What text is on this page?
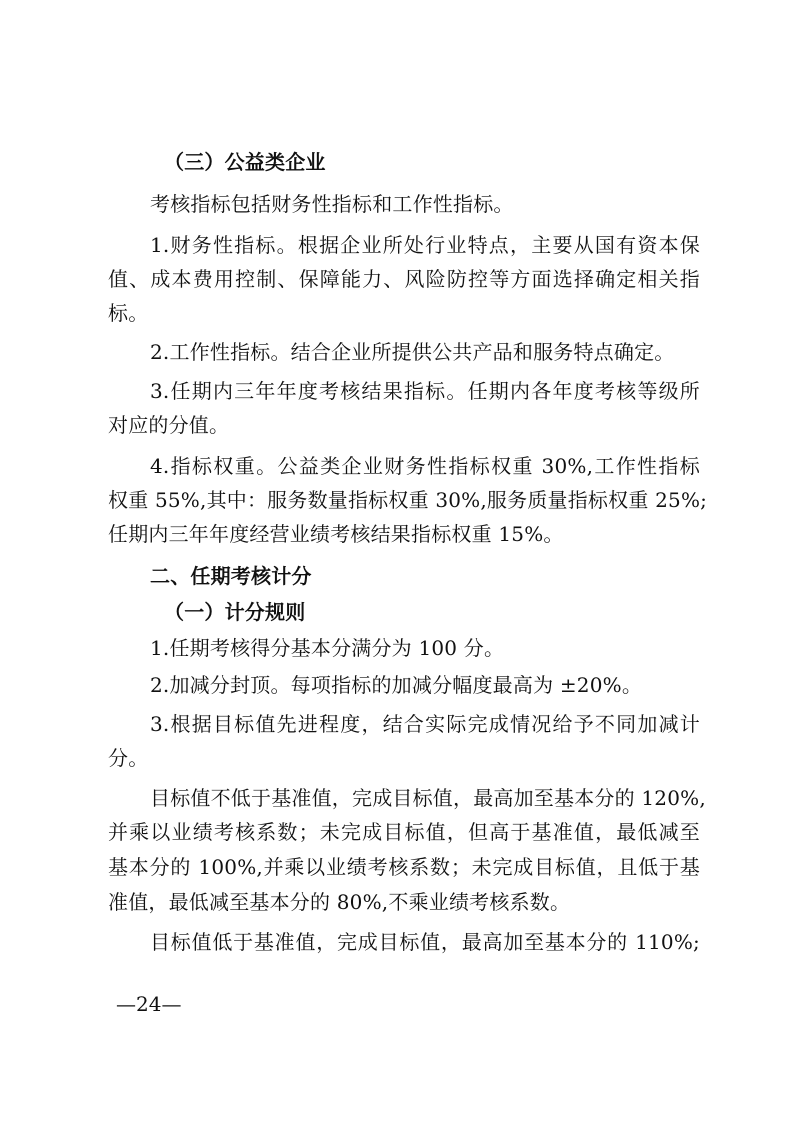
（三）公益类企业
考核指标包括财务性指标和工作性指标。
1.财务性指标。根据企业所处行业特点，主要从国有资本保
值、成本费用控制、保障能力、风险防控等方面选择确定相关指
标。
2.工作性指标。结合企业所提供公共产品和服务特点确定。
3.任期内三年年度考核结果指标。任期内各年度考核等级所
对应的分值。
4.指标权重。公益类企业财务性指标权重 30%,工作性指标
权重 55%,其中：服务数量指标权重 30%,服务质量指标权重 25%;
任期内三年年度经营业绩考核结果指标权重 15%。
二、任期考核计分
（一）计分规则
1.任期考核得分基本分满分为 100 分。
2.加减分封顶。每项指标的加减分幅度最高为 ±20%。
3.根据目标值先进程度，结合实际完成情况给予不同加减计
分。
目标值不低于基准值，完成目标值，最高加至基本分的 120%,
并乘以业绩考核系数；未完成目标值，但高于基准值，最低减至
基本分的 100%,并乘以业绩考核系数；未完成目标值，且低于基
准值，最低减至基本分的 80%,不乘业绩考核系数。
目标值低于基准值，完成目标值，最高加至基本分的 110%;
—24—
